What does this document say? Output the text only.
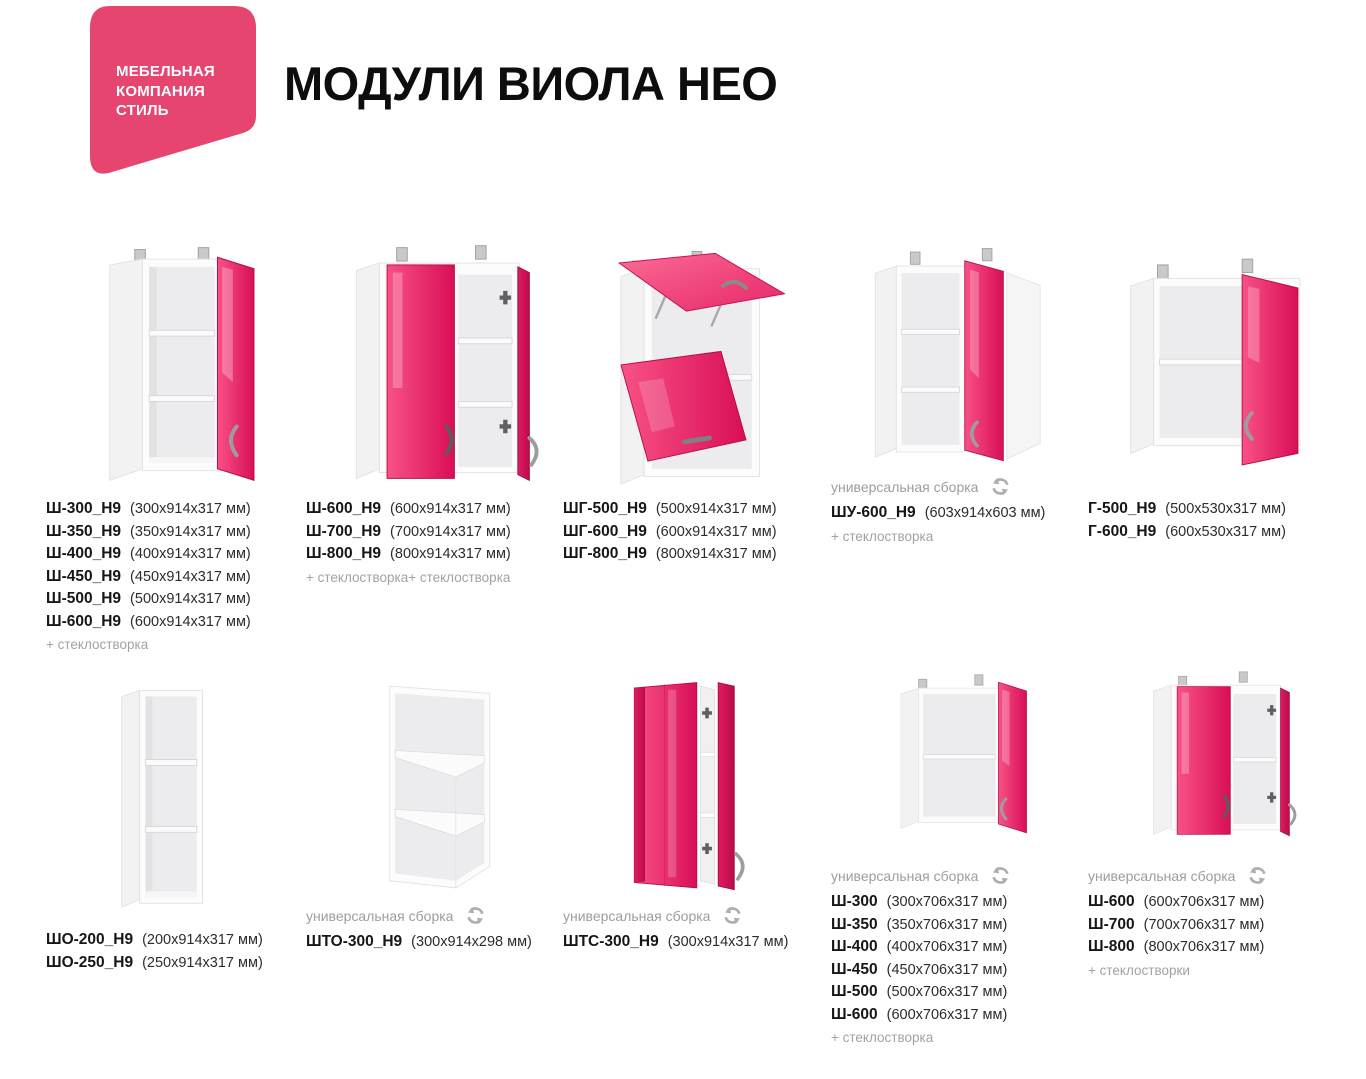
МЕБЕЛЬНАЯ
КОМПАНИЯ
СТИЛЬ
МОДУЛИ ВИОЛА НЕО
Ш-300_Н9 (300х914х317 мм)
Ш-350_Н9 (350х914х317 мм)
Ш-400_Н9 (400х914х317 мм)
Ш-450_Н9 (450х914х317 мм)
Ш-500_Н9 (500х914х317 мм)
Ш-600_Н9 (600х914х317 мм)
+ стеклостворка
Ш-600_Н9 (600х914х317 мм)
Ш-700_Н9 (700х914х317 мм)
Ш-800_Н9 (800х914х317 мм)
+ стеклостворка+ стеклостворка
ШГ-500_Н9 (500х914х317 мм)
ШГ-600_Н9 (600х914х317 мм)
ШГ-800_Н9 (800х914х317 мм)
универсальная сборка
ШУ-600_Н9 (603х914х603 мм)
+ стеклостворка
Г-500_Н9 (500х530х317 мм)
Г-600_Н9 (600х530х317 мм)
ШО-200_Н9 (200х914х317 мм)
ШО-250_Н9 (250х914х317 мм)
универсальная сборка
ШТО-300_Н9 (300х914х298 мм)
универсальная сборка
ШТС-300_Н9 (300х914х317 мм)
универсальная сборка
Ш-300 (300х706х317 мм)
Ш-350 (350х706х317 мм)
Ш-400 (400х706х317 мм)
Ш-450 (450х706х317 мм)
Ш-500 (500х706х317 мм)
Ш-600 (600х706х317 мм)
+ стеклостворка
универсальная сборка
Ш-600 (600х706х317 мм)
Ш-700 (700х706х317 мм)
Ш-800 (800х706х317 мм)
+ стеклостворки
